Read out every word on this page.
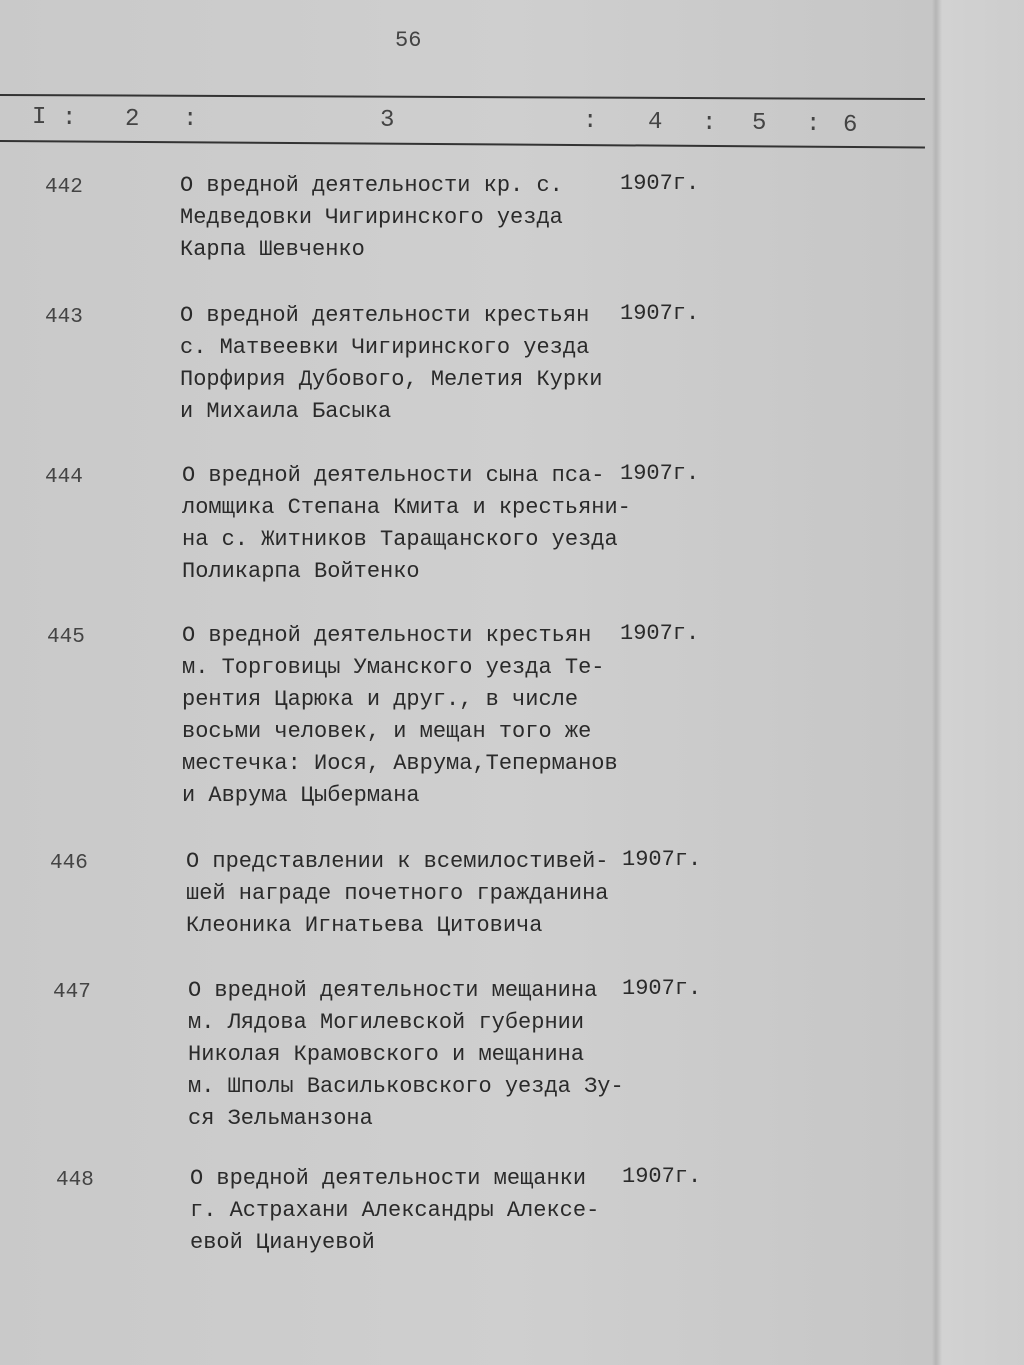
56
I : 2 :	3	: 4 : 5 : 6
442	О вредной деятельности кр. с.
Медведовки Чигиринского уезда
Карпа Шевченко
1907г.
443	О вредной деятельности крестьян
с. Матвеевки Чигиринского уезда
Порфирия Дубового, Мелетия Курки
и Михаила Басыка
1907г.
444	О вредной деятельности сына пса-
ломщика Степана Кмита и крестьяни-
на с. Житников Таращанского уезда
Поликарпа Войтенко
1907г.
445	О вредной деятельности крестьян
м. Торговицы Уманского уезда Те-
рентия Царюка и друг., в числе
восьми человек, и мещан того же
местечка: Иося, Аврума,Теперманов
и Аврума Цыбермана
1907г.
446	О представлении к всемилостивей-
шей награде почетного гражданина
Клеоника Игнатьева Цитовича
1907г.
447	О вредной деятельности мещанина
м. Лядова Могилевской губернии
Николая Крамовского и мещанина
м. Шполы Васильковского уезда Зу-
ся Зельманзона
1907г.
448	О вредной деятельности мещанки
г. Астрахани Александры Алексе-
евой Циануевой
1907г.
